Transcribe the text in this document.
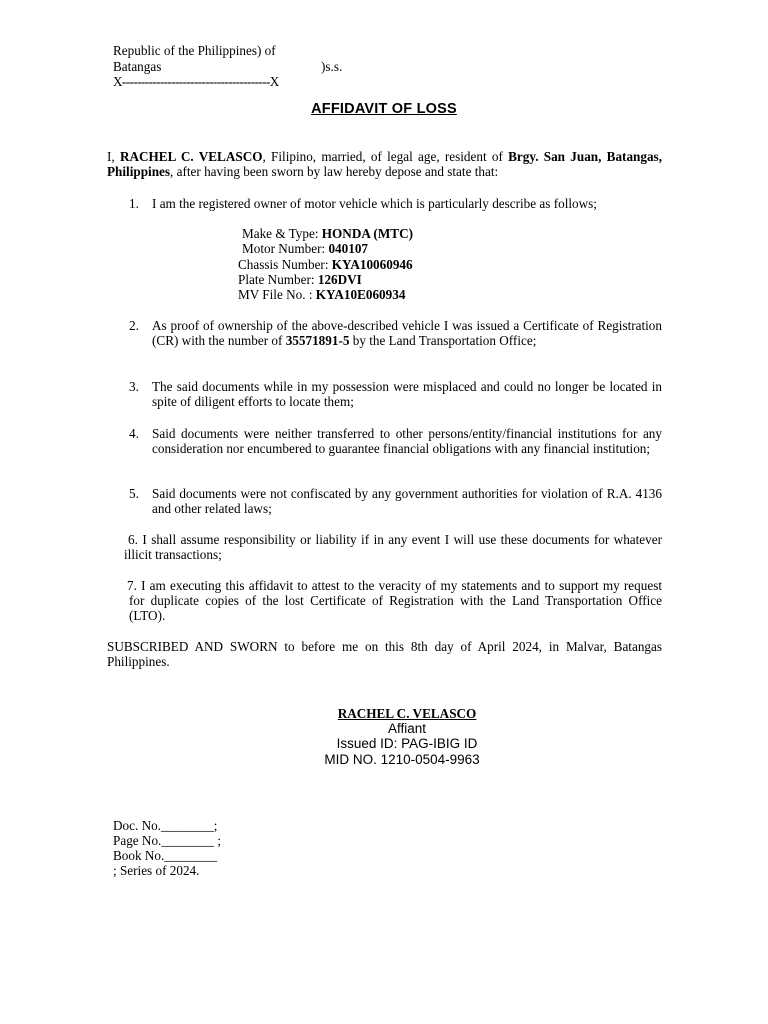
Republic of the Philippines) of
Batangas	)s.s.
X---------------------------------------X
AFFIDAVIT OF LOSS
I, RACHEL C. VELASCO, Filipino, married, of legal age, resident of Brgy. San Juan, Batangas, Philippines, after having been sworn by law hereby depose and state that:
1. I am the registered owner of motor vehicle which is particularly describe as follows;
Make & Type: HONDA (MTC)
Motor Number: 040107
Chassis Number: KYA10060946
Plate Number: 126DVI
MV File No. : KYA10E060934
2. As proof of ownership of the above-described vehicle I was issued a Certificate of Registration (CR) with the number of 35571891-5 by the Land Transportation Office;
3. The said documents while in my possession were misplaced and could no longer be located in spite of diligent efforts to locate them;
4. Said documents were neither transferred to other persons/entity/financial institutions for any consideration nor encumbered to guarantee financial obligations with any financial institution;
5. Said documents were not confiscated by any government authorities for violation of R.A. 4136 and other related laws;
6. I shall assume responsibility or liability if in any event I will use these documents for whatever illicit transactions;
7. I am executing this affidavit to attest to the veracity of my statements and to support my request for duplicate copies of the lost Certificate of Registration with the Land Transportation Office (LTO).
SUBSCRIBED AND SWORN to before me on this 8th day of April 2024, in Malvar, Batangas Philippines.
RACHEL C. VELASCO
Affiant
Issued ID: PAG-IBIG ID
MID NO. 1210-0504-9963
Doc. No.________;
Page No.________ ;
Book No.________
; Series of 2024.
